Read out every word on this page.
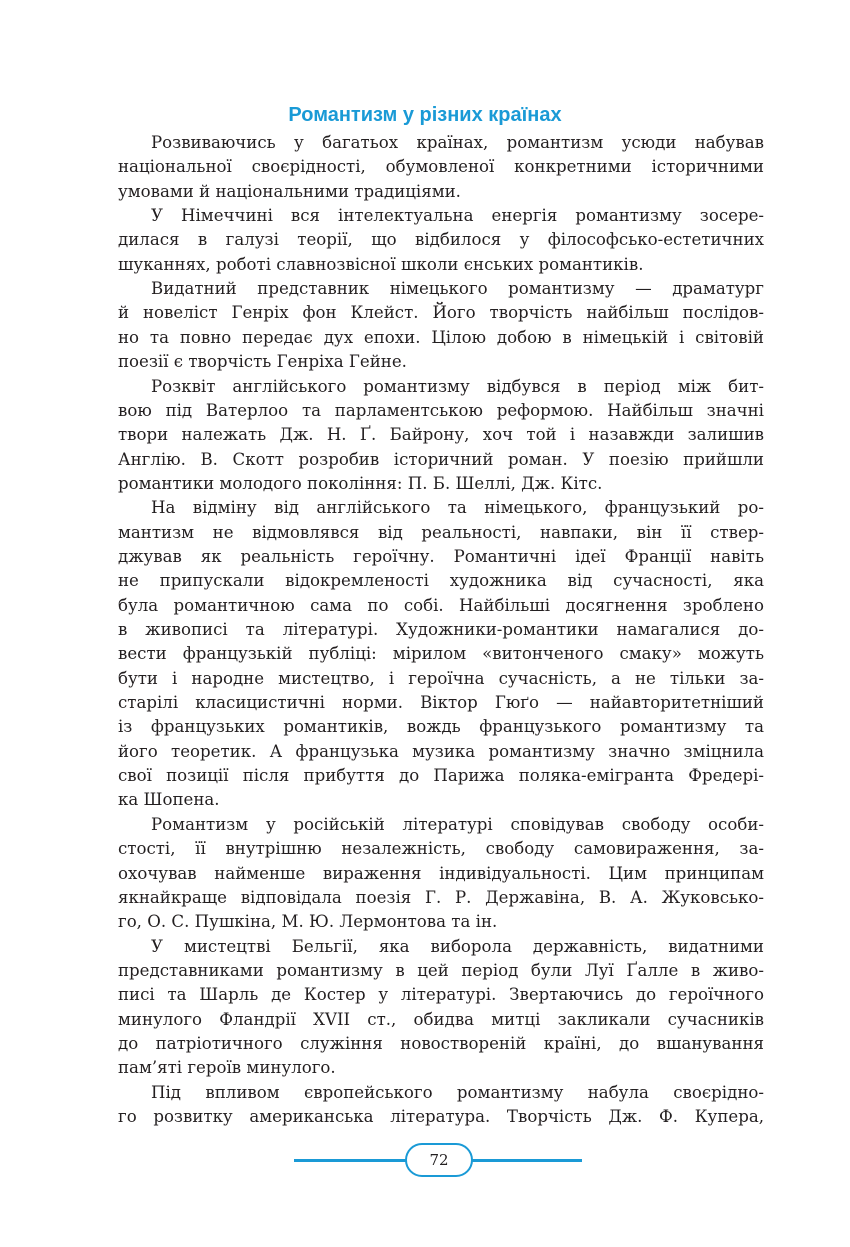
Романтизм у різних країнах
Розвиваючись у багатьох країнах, романтизм усюди набував
національної своєрідності, обумовленої конкретними історичними
умовами й національними традиціями.
У Німеччині вся інтелектуальна енергія романтизму зосере-
дилася в галузі теорії, що відбилося у філософсько-естетичних
шуканнях, роботі славнозвісної школи єнських романтиків.
Видатний представник німецького романтизму — драматург
й новеліст Генріх фон Клейст. Його творчість найбільш послідов-
но та повно передає дух епохи. Цілою добою в німецькій і світовій
поезії є творчість Генріха Гейне.
Розквіт англійського романтизму відбувся в період між бит-
вою під Ватерлоо та парламентською реформою. Найбільш значні
твори належать Дж. Н. Ґ. Байрону, хоч той і назавжди залишив
Англію. В. Скотт розробив історичний роман. У поезію прийшли
романтики молодого покоління: П. Б. Шеллі, Дж. Кітс.
На відміну від англійського та німецького, французький ро-
мантизм не відмовлявся від реальності, навпаки, він її ствер-
джував як реальність героїчну. Романтичні ідеї Франції навіть
не припускали відокремленості художника від сучасності, яка
була романтичною сама по собі. Найбільші досягнення зроблено
в живописі та літературі. Художники-романтики намагалися до-
вести французькій публіці: мірилом «витонченого смаку» можуть
бути і народне мистецтво, і героїчна сучасність, а не тільки за-
старілі класицистичні норми. Віктор Гюґо — найавторитетніший
із французьких романтиків, вождь французького романтизму та
його теоретик. А французька музика романтизму значно зміцнила
свої позиції після прибуття до Парижа поляка-емігранта Фредері-
ка Шопена.
Романтизм у російській літературі сповідував свободу особи-
стості, її внутрішню незалежність, свободу самовираження, за-
охочував найменше вираження індивідуальності. Цим принципам
якнайкраще відповідала поезія Г. Р. Державіна, В. А. Жуковсько-
го, О. С. Пушкіна, М. Ю. Лермонтова та ін.
У мистецтві Бельгії, яка виборола державність, видатними
представниками романтизму в цей період були Луї Ґалле в живо-
писі та Шарль де Костер у літературі. Звертаючись до героїчного
минулого Фландрії XVII ст., обидва митці закликали сучасників
до патріотичного служіння новоствореній країні, до вшанування
пам’яті героїв минулого.
Під впливом європейського романтизму набула своєрідно-
го розвитку американська література. Творчість Дж. Ф. Купера,
72
